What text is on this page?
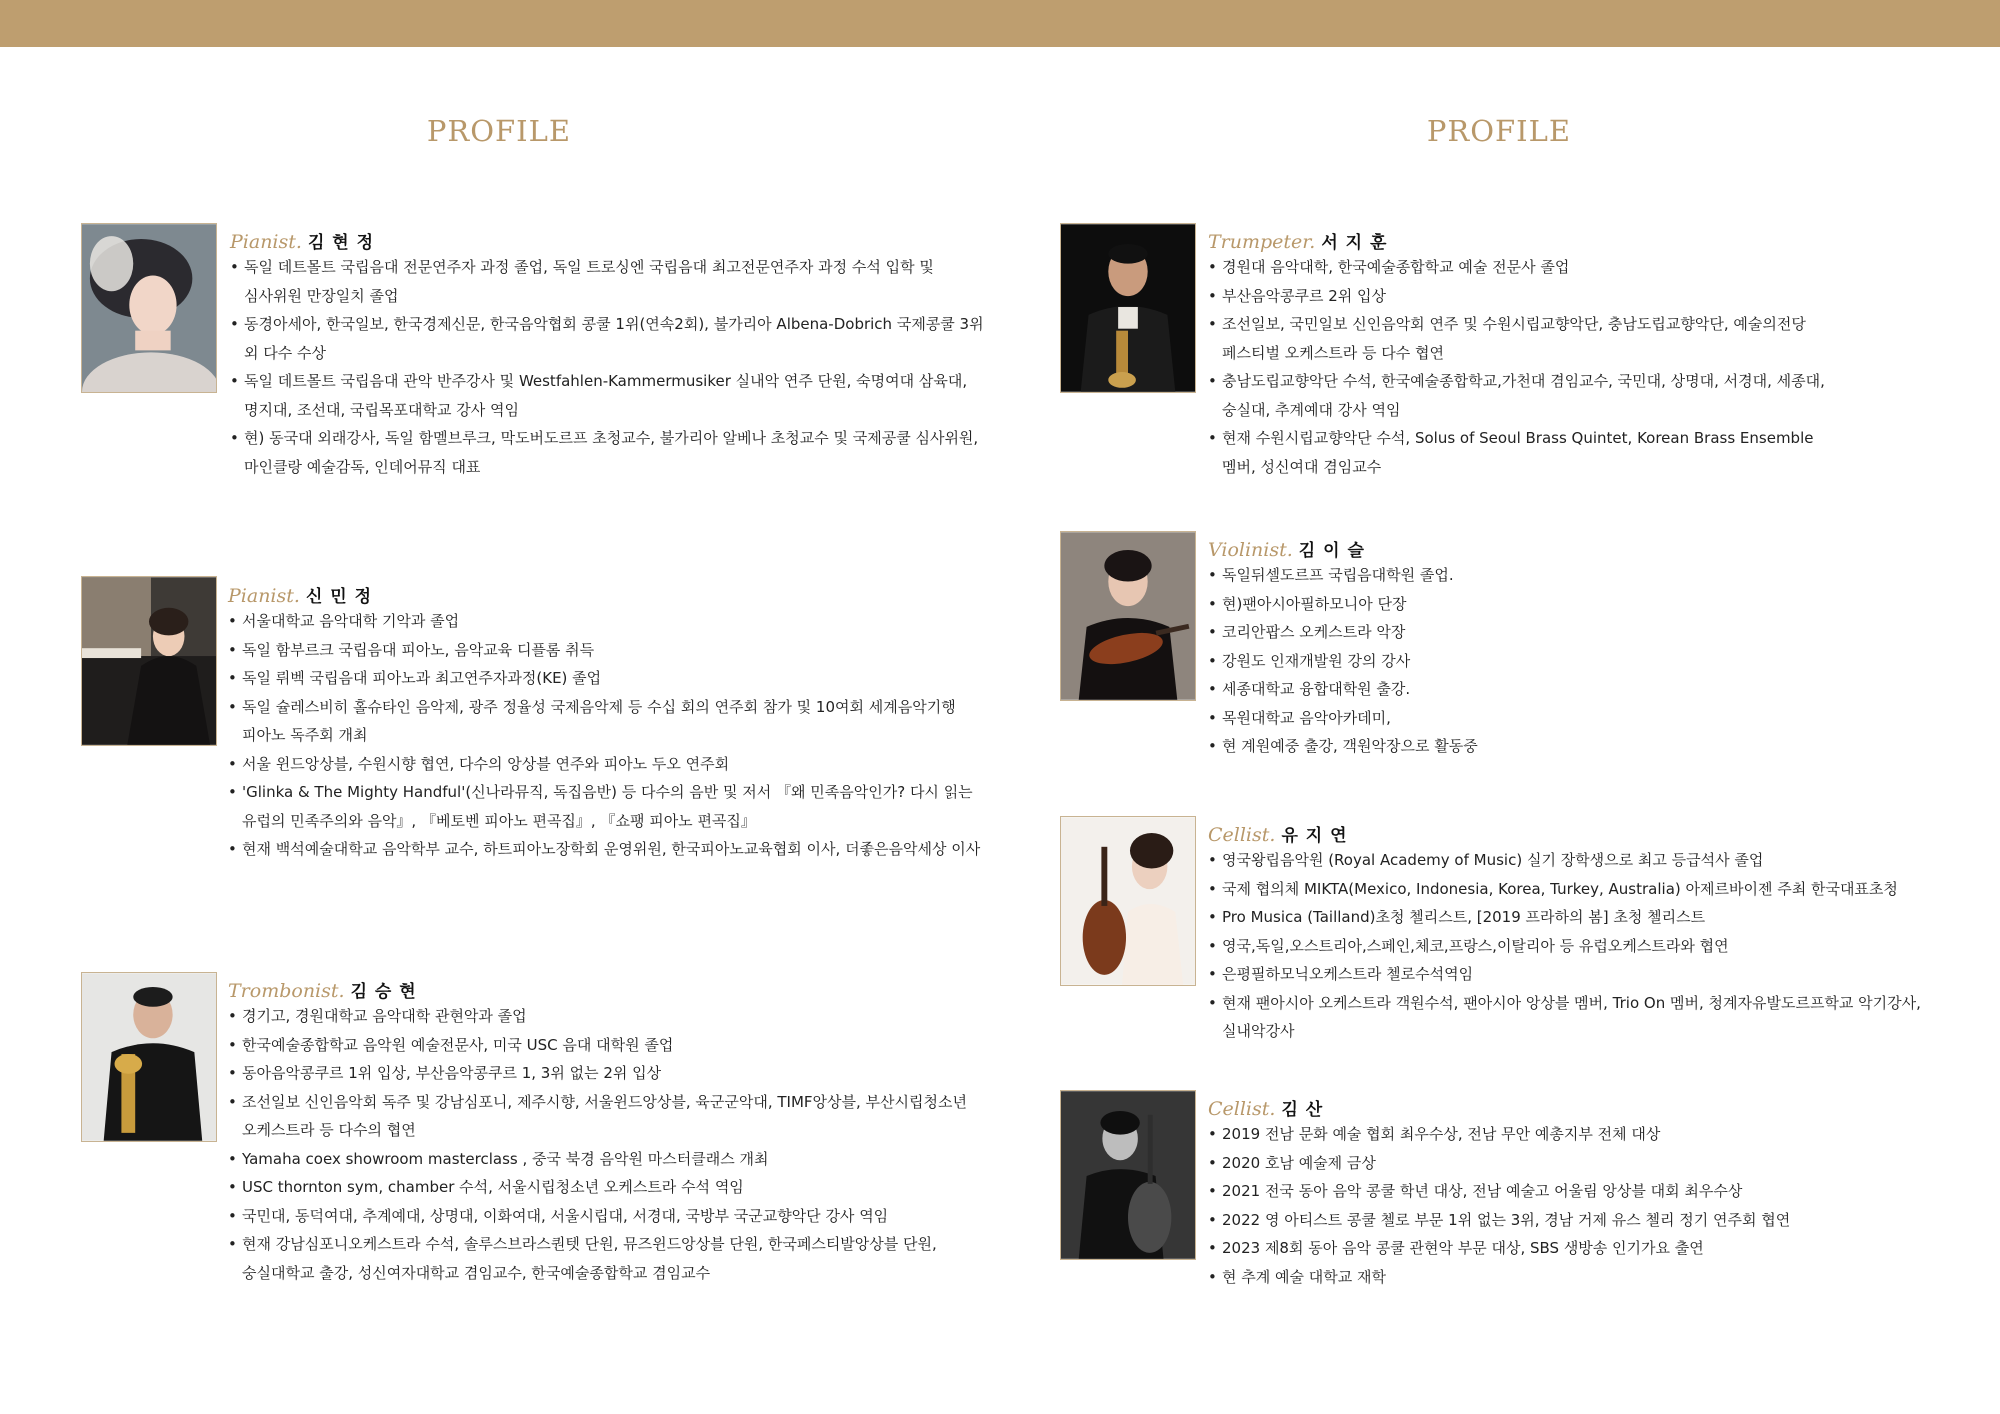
PROFILE	PROFILE
Pianist. 김 현 정
• 독일 데트몰트 국립음대 전문연주자 과정 졸업, 독일 트로싱엔 국립음대 최고전문연주자 과정 수석 입학 및
심사위원 만장일치 졸업
• 동경아세아, 한국일보, 한국경제신문, 한국음악협회 콩쿨 1위(연속2회), 불가리아 Albena-Dobrich 국제콩쿨 3위
외 다수 수상
• 독일 데트몰트 국립음대 관악 반주강사 및 Westfahlen-Kammermusiker 실내악 연주 단원, 숙명여대 삼육대,
명지대, 조선대, 국립목포대학교 강사 역임
• 현) 동국대 외래강사, 독일 함멜브루크, 막도버도르프 초청교수, 불가리아 알베나 초청교수 및 국제공쿨 심사위원,
마인클랑 예술감독, 인데어뮤직 대표
Pianist. 신 민 정
• 서울대학교 음악대학 기악과 졸업
• 독일 함부르크 국립음대 피아노, 음악교육 디플롬 취득
• 독일 뤼벡 국립음대 피아노과 최고연주자과정(KE) 졸업
• 독일 슐레스비히 홀슈타인 음악제, 광주 정율성 국제음악제 등 수십 회의 연주회 참가 및 10여회 세계음악기행
피아노 독주회 개최
• 서울 윈드앙상블, 수원시향 협연, 다수의 앙상블 연주와 피아노 두오 연주회
• 'Glinka & The Mighty Handful'(신나라뮤직, 독집음반) 등 다수의 음반 및 저서 『왜 민족음악인가? 다시 읽는
유럽의 민족주의와 음악』, 『베토벤 피아노 편곡집』, 『쇼팽 피아노 편곡집』
• 현재 백석예술대학교 음악학부 교수, 하트피아노장학회 운영위원, 한국피아노교육협회 이사, 더좋은음악세상 이사
Trombonist. 김 승 현
• 경기고, 경원대학교 음악대학 관현악과 졸업
• 한국예술종합학교 음악원 예술전문사, 미국 USC 음대 대학원 졸업
• 동아음악콩쿠르 1위 입상, 부산음악콩쿠르 1, 3위 없는 2위 입상
• 조선일보 신인음악회 독주 및 강남심포니, 제주시향, 서울윈드앙상블, 육군군악대, TIMF앙상블, 부산시립청소년
오케스트라 등 다수의 협연
• Yamaha coex showroom masterclass , 중국 북경 음악원 마스터클래스 개최
• USC thornton sym, chamber 수석, 서울시립청소년 오케스트라 수석 역임
• 국민대, 동덕여대, 추계예대, 상명대, 이화여대, 서울시립대, 서경대, 국방부 국군교향악단 강사 역임
• 현재 강남심포니오케스트라 수석, 솔루스브라스퀀텟 단원, 뮤즈윈드앙상블 단원, 한국페스티발앙상블 단원,
숭실대학교 출강, 성신여자대학교 겸임교수, 한국예술종합학교 겸임교수
Trumpeter. 서 지 훈
• 경원대 음악대학, 한국예술종합학교 예술 전문사 졸업
• 부산음악콩쿠르 2위 입상
• 조선일보, 국민일보 신인음악회 연주 및 수원시립교향악단, 충남도립교향악단, 예술의전당
페스티벌 오케스트라 등 다수 협연
• 충남도립교향악단 수석, 한국예술종합학교,가천대 겸임교수, 국민대, 상명대, 서경대, 세종대,
숭실대, 추계예대 강사 역임
• 현재 수원시립교향악단 수석, Solus of Seoul Brass Quintet, Korean Brass Ensemble
멤버, 성신여대 겸임교수
Violinist. 김 이 슬
• 독일뒤셀도르프 국립음대학원 졸업.
• 현)팬아시아필하모니아 단장
• 코리안팝스 오케스트라 악장
• 강원도 인재개발원 강의 강사
• 세종대학교 융합대학원 출강.
• 목원대학교 음악아카데미,
• 현 계원예중 출강, 객원악장으로 활동중
Cellist. 유 지 연
• 영국왕립음악원 (Royal Academy of Music) 실기 장학생으로 최고 등급석사 졸업
• 국제 협의체 MIKTA(Mexico, Indonesia, Korea, Turkey, Australia) 아제르바이젠 주최 한국대표초청
• Pro Musica (Tailland)초청 첼리스트, [2019 프라하의 봄] 초청 첼리스트
• 영국,독일,오스트리아,스페인,체코,프랑스,이탈리아 등 유럽오케스트라와 협연
• 은평필하모닉오케스트라 첼로수석역임
• 현재 팬아시아 오케스트라 객원수석, 팬아시아 앙상블 멤버, Trio On 멤버, 청계자유발도르프학교 악기강사,
실내악강사
Cellist. 김 산
• 2019 전남 문화 예술 협회 최우수상, 전남 무안 예총지부 전체 대상
• 2020 호남 예술제 금상
• 2021 전국 동아 음악 콩쿨 학년 대상, 전남 예술고 어울림 앙상블 대회 최우수상
• 2022 영 아티스트 콩쿨 첼로 부문 1위 없는 3위, 경남 거제 유스 첼리 정기 연주회 협연
• 2023 제8회 동아 음악 콩쿨 관현악 부문 대상, SBS 생방송 인기가요 출연
• 현 추계 예술 대학교 재학
